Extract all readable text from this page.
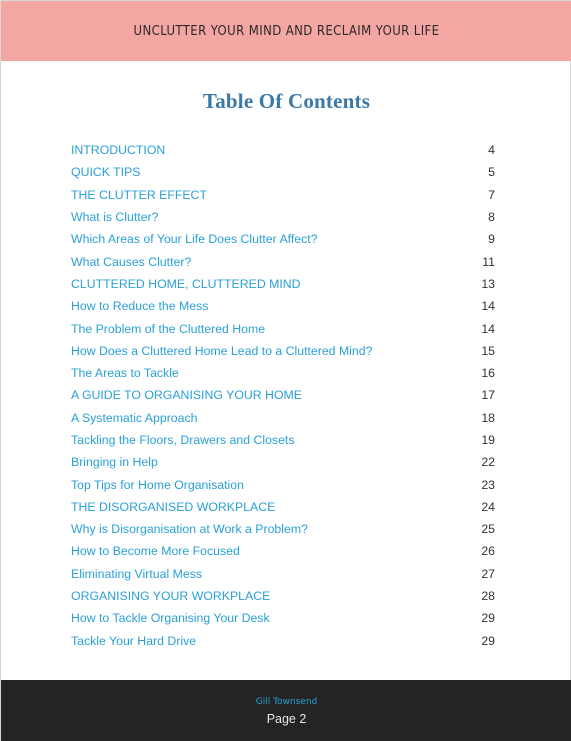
UNCLUTTER YOUR MIND AND RECLAIM YOUR LIFE
Table Of Contents
INTRODUCTION	4
QUICK TIPS	5
THE CLUTTER EFFECT	7
What is Clutter?	8
Which Areas of Your Life Does Clutter Affect?	9
What Causes Clutter?	11
CLUTTERED HOME, CLUTTERED MIND	13
How to Reduce the Mess	14
The Problem of the Cluttered Home	14
How Does a Cluttered Home Lead to a Cluttered Mind?	15
The Areas to Tackle	16
A GUIDE TO ORGANISING YOUR HOME	17
A Systematic Approach	18
Tackling the Floors, Drawers and Closets	19
Bringing in Help	22
Top Tips for Home Organisation	23
THE DISORGANISED WORKPLACE	24
Why is Disorganisation at Work a Problem?	25
How to Become More Focused	26
Eliminating Virtual Mess	27
ORGANISING YOUR WORKPLACE	28
How to Tackle Organising Your Desk	29
Tackle Your Hard Drive	29
Gill Townsend
Page 2
